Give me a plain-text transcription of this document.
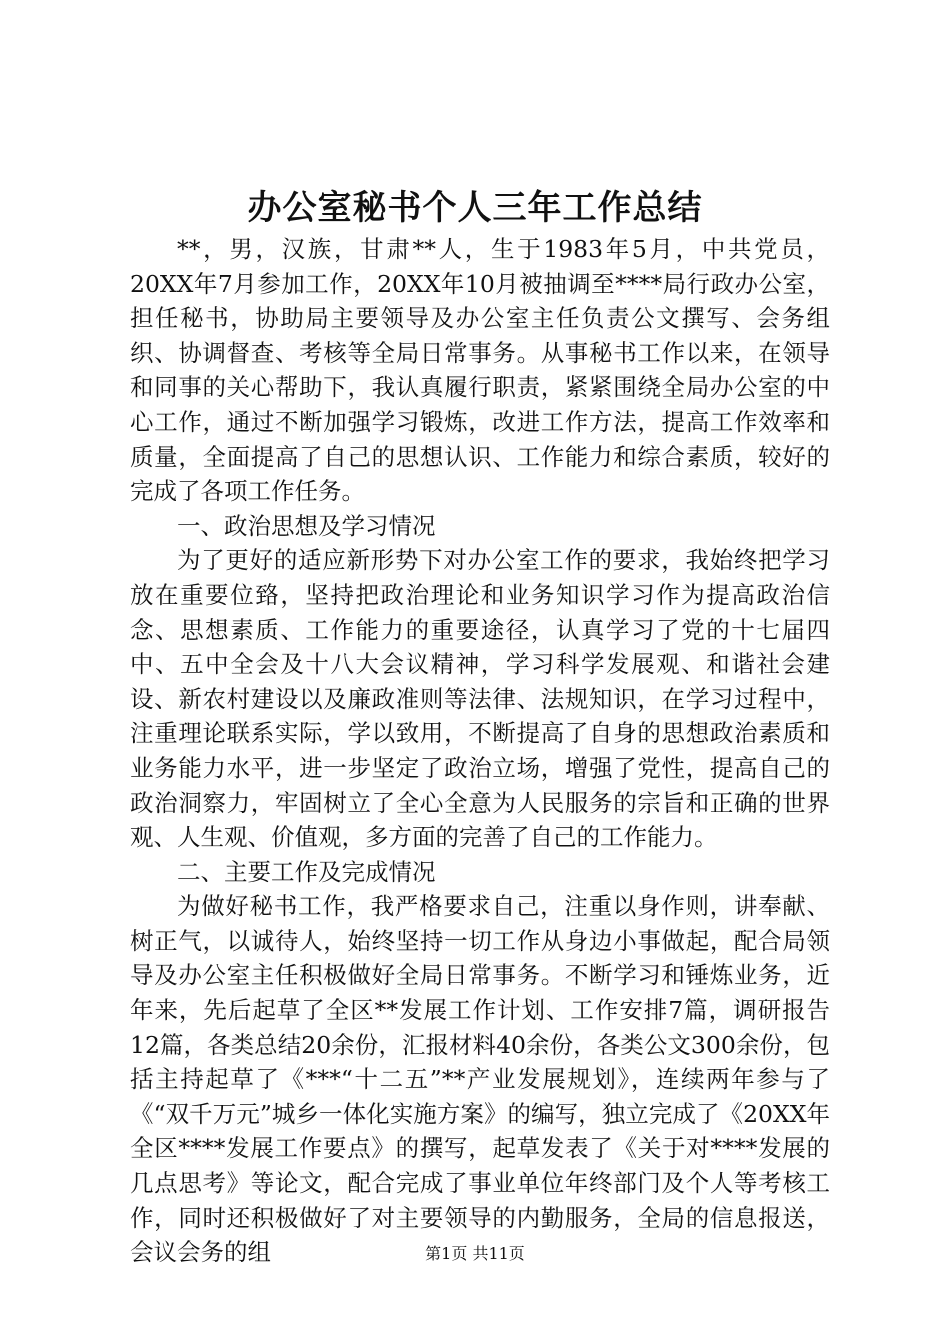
办公室秘书个人三年工作总结

**，男，汉族，甘肃**人，生于1983年5月，中共党员，20XX年7月参加工作，20XX年10月被抽调至****局行政办公室，担任秘书，协助局主要领导及办公室主任负责公文撰写、会务组织、协调督查、考核等全局日常事务。从事秘书工作以来，在领导和同事的关心帮助下，我认真履行职责，紧紧围绕全局办公室的中心工作，通过不断加强学习锻炼，改进工作方法，提高工作效率和质量，全面提高了自己的思想认识、工作能力和综合素质，较好的完成了各项工作任务。

一、政治思想及学习情况

为了更好的适应新形势下对办公室工作的要求，我始终把学习放在重要位臵，坚持把政治理论和业务知识学习作为提高政治信念、思想素质、工作能力的重要途径，认真学习了党的十七届四中、五中全会及十八大会议精神，学习科学发展观、和谐社会建设、新农村建设以及廉政准则等法律、法规知识，在学习过程中，注重理论联系实际，学以致用，不断提高了自身的思想政治素质和业务能力水平，进一步坚定了政治立场，增强了党性，提高自己的政治洞察力，牢固树立了全心全意为人民服务的宗旨和正确的世界观、人生观、价值观，多方面的完善了自己的工作能力。

二、主要工作及完成情况

为做好秘书工作，我严格要求自己，注重以身作则，讲奉献、树正气，以诚待人，始终坚持一切工作从身边小事做起，配合局领导及办公室主任积极做好全局日常事务。不断学习和锤炼业务，近年来，先后起草了全区**发展工作计划、工作安排7篇，调研报告12篇，各类总结20余份，汇报材料40余份，各类公文300余份，包括主持起草了《***“十二五”**产业发展规划》，连续两年参与了《“双千万元”城乡一体化实施方案》的编写，独立完成了《20XX年全区****发展工作要点》的撰写，起草发表了《关于对****发展的几点思考》等论文，配合完成了事业单位年终部门及个人等考核工作，同时还积极做好了对主要领导的内勤服务，全局的信息报送，会议会务的组	第1页 共11页
